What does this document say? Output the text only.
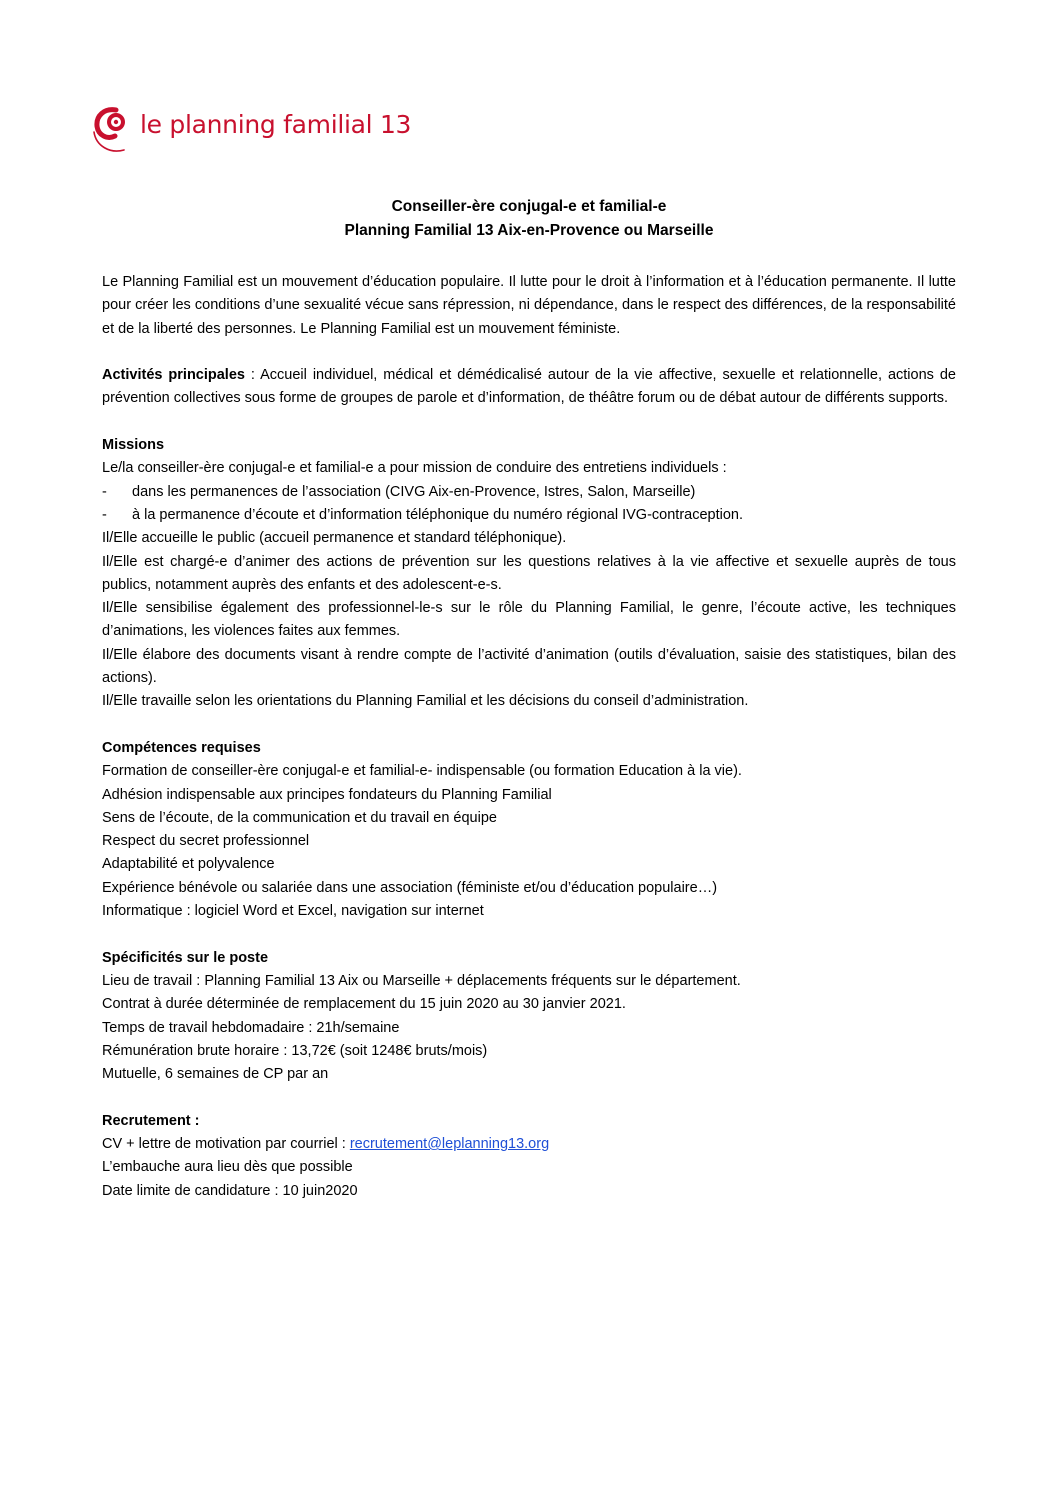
le planning familial 13

Conseiller-ère conjugal-e et familial-e

Planning Familial 13 Aix-en-Provence ou Marseille

Le Planning Familial est un mouvement d’éducation populaire. Il lutte pour le droit à l’information et à l’éducation permanente. Il lutte pour créer les conditions d’une sexualité vécue sans répression, ni dépendance, dans le respect des différences, de la responsabilité et de la liberté des personnes. Le Planning Familial est un mouvement féministe.

Activités principales : Accueil individuel, médical et démédicalisé autour de la vie affective, sexuelle et relationnelle, actions de prévention collectives sous forme de groupes de parole et d’information, de théâtre forum ou de débat autour de différents supports.

Missions

Le/la conseiller-ère conjugal-e et familial-e a pour mission de conduire des entretiens individuels :

-	dans les permanences de l’association (CIVG Aix-en-Provence, Istres, Salon, Marseille)
-	à la permanence d’écoute et d’information téléphonique du numéro régional IVG-contraception.

Il/Elle accueille le public (accueil permanence et standard téléphonique).

Il/Elle est chargé-e d’animer des actions de prévention sur les questions relatives à la vie affective et sexuelle auprès de tous publics, notamment auprès des enfants et des adolescent-e-s.

Il/Elle sensibilise également des professionnel-le-s sur le rôle du Planning Familial, le genre, l’écoute active, les techniques d’animations, les violences faites aux femmes.

Il/Elle élabore des documents visant à rendre compte de l’activité d’animation (outils d’évaluation, saisie des statistiques, bilan des actions).

Il/Elle travaille selon les orientations du Planning Familial et les décisions du conseil d’administration.

Compétences requises

Formation de conseiller-ère conjugal-e et familial-e- indispensable (ou formation Education à la vie).

Adhésion indispensable aux principes fondateurs du Planning Familial

Sens de l’écoute, de la communication et du travail en équipe

Respect du secret professionnel

Adaptabilité et polyvalence

Expérience bénévole ou salariée dans une association (féministe et/ou d’éducation populaire…)

Informatique : logiciel Word et Excel, navigation sur internet

Spécificités sur le poste

Lieu de travail : Planning Familial 13 Aix ou Marseille + déplacements fréquents sur le département.

Contrat à durée déterminée de remplacement du 15 juin 2020 au 30 janvier 2021.

Temps de travail hebdomadaire : 21h/semaine

Rémunération brute horaire : 13,72€ (soit 1248€ bruts/mois)

Mutuelle, 6 semaines de CP par an

Recrutement :

CV + lettre de motivation par courriel : recrutement@leplanning13.org

L’embauche aura lieu dès que possible

Date limite de candidature : 10 juin2020
